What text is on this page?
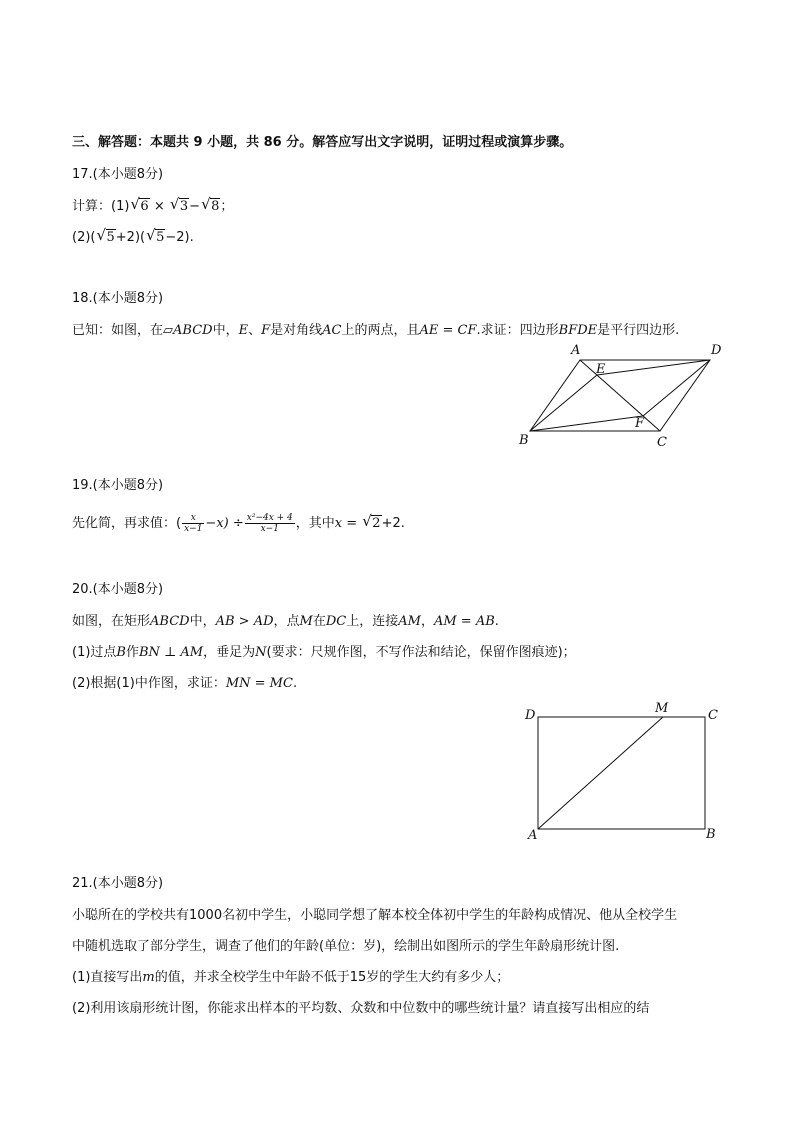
三、解答题：本题共 9 小题，共 86 分。解答应写出文字说明，证明过程或演算步骤。
17.(本小题8分)
计算：(1) √ 6 × √ 3− √ 8；
(2)( √ 5+2)( √ 5−2).
18.(本小题8分)
已知：如图，在▱ABCD中，E、F是对角线AC上的两点，且AE = CF.求证：四边形BFDE是平行四边形.
A	D
E
F
B	C
19.(本小题8分)
先化简，再求值：( $\frac{x}{x-1} -x) \div \frac{\text{x²−4x + 4}}{x-1}$ ，其中x = √ 2+2.
20.(本小题8分)
如图，在矩形ABCD中，AB > AD，点M在DC上，连接AM，AM = AB.
(1)过点B作BN ⊥ AM，垂足为N(要求：尺规作图，不写作法和结论，保留作图痕迹)；
(2)根据(1)中作图，求证：MN = MC.
D	M	C
A	B
21.(本小题8分)
小聪所在的学校共有1000名初中学生，小聪同学想了解本校全体初中学生的年龄构成情况、他从全校学生
中随机选取了部分学生，调查了他们的年龄(单位：岁)，绘制出如图所示的学生年龄扇形统计图.
(1)直接写出m的值，并求全校学生中年龄不低于15岁的学生大约有多少人；
(2)利用该扇形统计图，你能求出样本的平均数、众数和中位数中的哪些统计量？请直接写出相应的结
